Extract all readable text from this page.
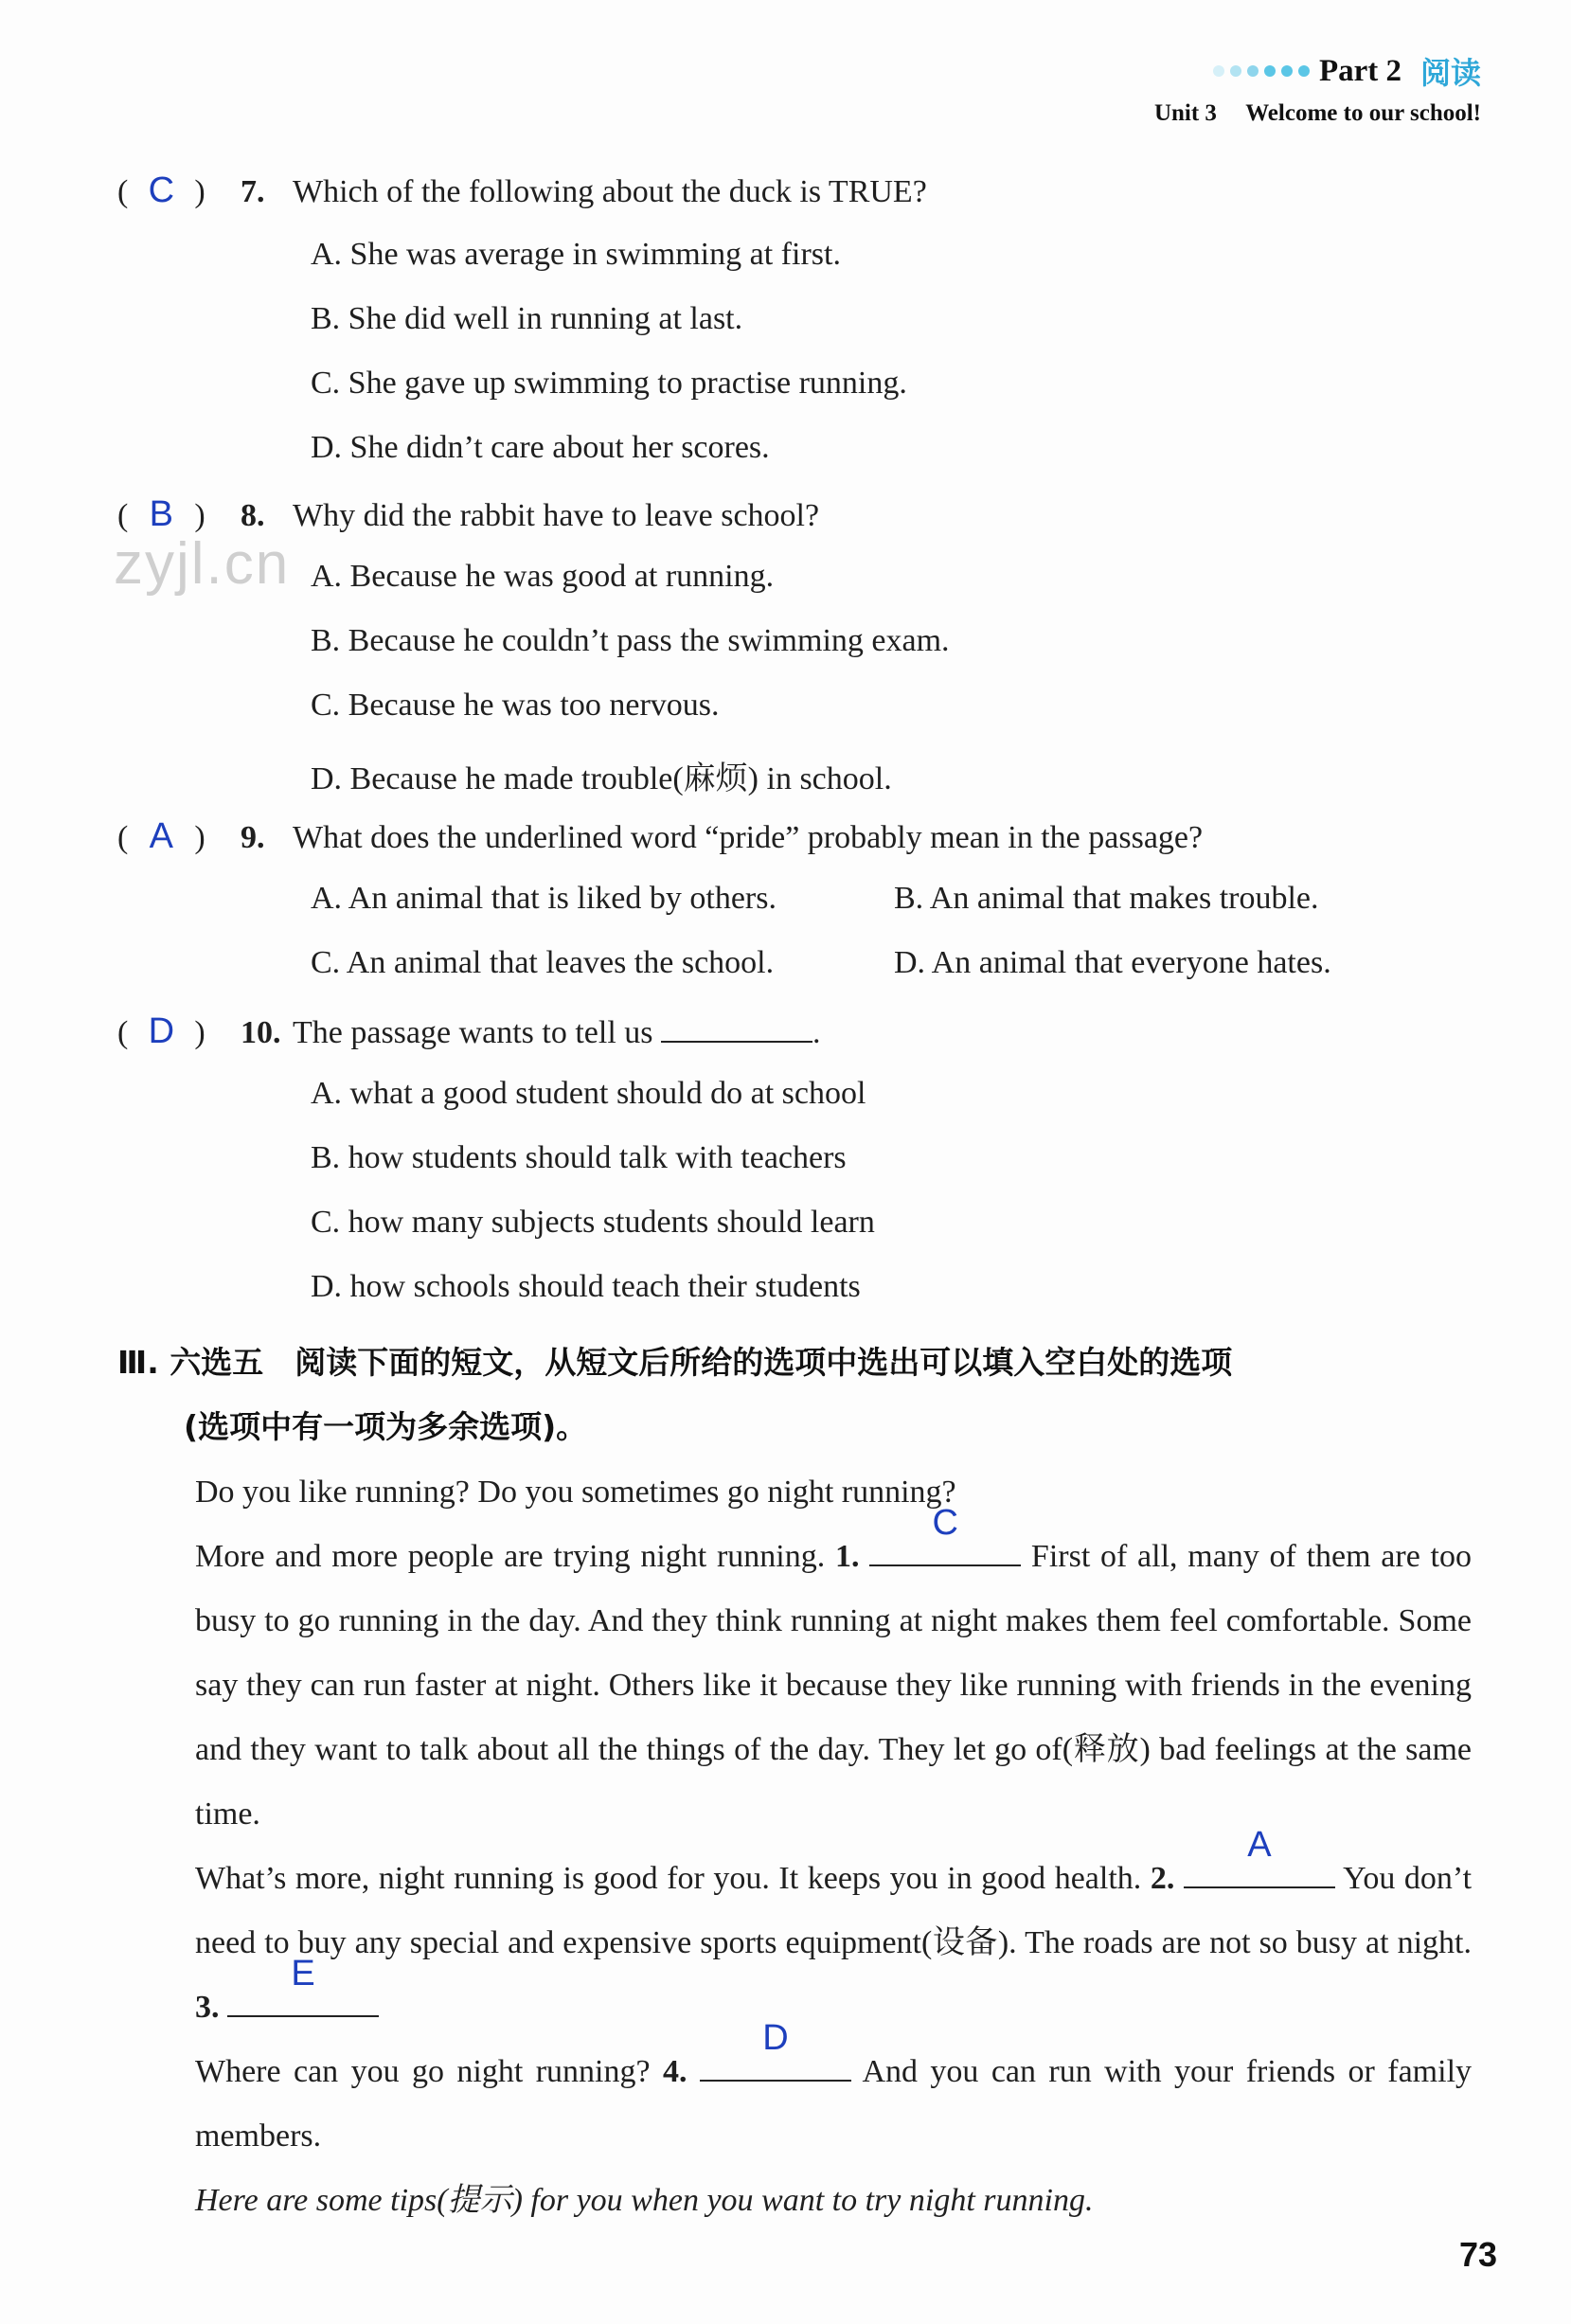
Part 2 阅读
Unit 3 Welcome to our school!
zyjl.cn
( C ) 7. Which of the following about the duck is TRUE?
A. She was average in swimming at first.
B. She did well in running at last.
C. She gave up swimming to practise running.
D. She didn’t care about her scores.
( B ) 8. Why did the rabbit have to leave school?
A. Because he was good at running.
B. Because he couldn’t pass the swimming exam.
C. Because he was too nervous.
D. Because he made trouble(麻烦) in school.
( A ) 9. What does the underlined word “pride” probably mean in the passage?
A. An animal that is liked by others.	B. An animal that makes trouble.
C. An animal that leaves the school.	D. An animal that everyone hates.
( D ) 10. The passage wants to tell us	.
A. what a good student should do at school
B. how students should talk with teachers
C. how many subjects students should learn
D. how schools should teach their students
Ⅲ. 六选五　阅读下面的短文，从短文后所给的选项中选出可以填入空白处的选项
(选项中有一项为多余选项)。
Do you like running? Do you sometimes go night running?
More and more people are trying night running. 1.
C
First of all, many of them are too busy to go running in the day. And they think running at night makes them feel comfortable. Some say they can run faster at night. Others like it because they like running with friends in the evening and they want to talk about all the things of the day. They let go of(释放) bad feelings at the same time.
What’s more, night running is good for you. It keeps you in good health. 2.
A
You don’t need to buy any special and expensive sports equipment(设备). The roads are not so busy at night. 3.
E
Where can you go night running? 4.
D
And you can run with your friends or family members.
Here are some tips(提示) for you when you want to try night running.
73
